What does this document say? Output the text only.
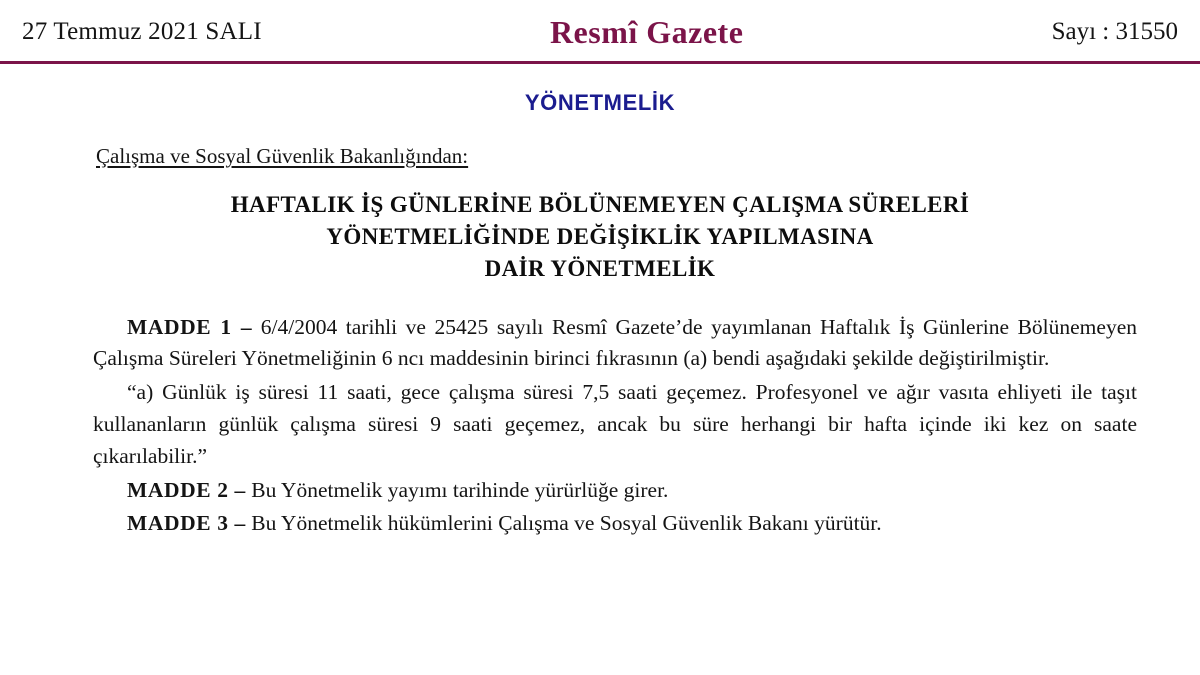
27 Temmuz 2021 SALI	Resmî Gazete	Sayı : 31550
YÖNETMELİK
Çalışma ve Sosyal Güvenlik Bakanlığından:
HAFTALIK İŞ GÜNLERİNE BÖLÜNEMEYEN ÇALIŞMA SÜRELERİ
YÖNETMELİĞİNDE DEĞİŞİKLİK YAPILMASINA
DAİR YÖNETMELİK

MADDE 1 – 6/4/2004 tarihli ve 25425 sayılı Resmî Gazete’de yayımlanan Haftalık İş Günlerine Bölünemeyen Çalışma Süreleri Yönetmeliğinin 6 ncı maddesinin birinci fıkrasının (a) bendi aşağıdaki şekilde değiştirilmiştir.

“a) Günlük iş süresi 11 saati, gece çalışma süresi 7,5 saati geçemez. Profesyonel ve ağır vasıta ehliyeti ile taşıt kullananların günlük çalışma süresi 9 saati geçemez, ancak bu süre herhangi bir hafta içinde iki kez on saate çıkarılabilir.”

MADDE 2 – Bu Yönetmelik yayımı tarihinde yürürlüğe girer.

MADDE 3 – Bu Yönetmelik hükümlerini Çalışma ve Sosyal Güvenlik Bakanı yürütür.
